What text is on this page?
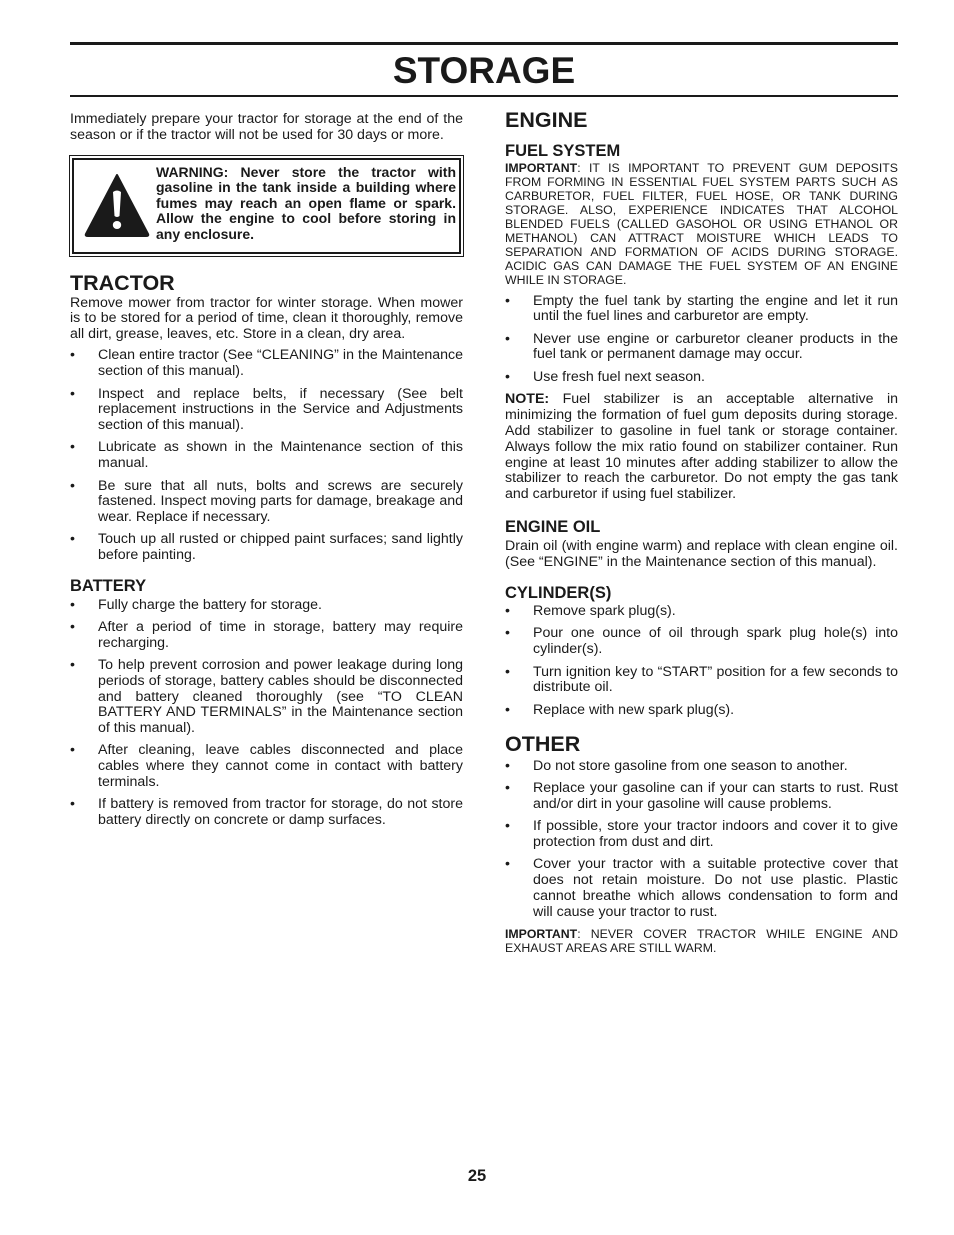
STORAGE

Immediately prepare your tractor for storage at the end of the season or if the tractor will not be used for 30 days or more.

WARNING: Never store the tractor with gasoline in the tank inside a building where fumes may reach an open flame or spark. Allow the engine to cool before storing in any enclosure.

TRACTOR

Remove mower from tractor for winter storage. When mower is to be stored for a period of time, clean it thoroughly, remove all dirt, grease, leaves, etc. Store in a clean, dry area.

• Clean entire tractor (See “CLEANING” in the Maintenance section of this manual).
• Inspect and replace belts, if necessary (See belt replacement instructions in the Service and Adjustments section of this manual).
• Lubricate as shown in the Maintenance section of this manual.
• Be sure that all nuts, bolts and screws are securely fastened. Inspect moving parts for damage, breakage and wear. Replace if necessary.
• Touch up all rusted or chipped paint surfaces; sand lightly before painting.
BATTERY
• Fully charge the battery for storage.
• After a period of time in storage, battery may require recharging.
• To help prevent corrosion and power leakage during long periods of storage, battery cables should be disconnected and battery cleaned thoroughly (see “TO CLEAN BATTERY AND TERMINALS” in the Maintenance section of this manual).
• After cleaning, leave cables disconnected and place cables where they cannot come in contact with battery terminals.
• If battery is removed from tractor for storage, do not store battery directly on concrete or damp surfaces.
ENGINE
FUEL SYSTEM

IMPORTANT: IT IS IMPORTANT TO PREVENT GUM DEPOSITS FROM FORMING IN ESSENTIAL FUEL SYSTEM PARTS SUCH AS CARBURETOR, FUEL FILTER, FUEL HOSE, OR TANK DURING STORAGE. ALSO, EXPERIENCE INDICATES THAT ALCOHOL BLENDED FUELS (CALLED GASOHOL OR USING ETHANOL OR METHANOL) CAN ATTRACT MOISTURE WHICH LEADS TO SEPARATION AND FORMATION OF ACIDS DURING STORAGE. ACIDIC GAS CAN DAMAGE THE FUEL SYSTEM OF AN ENGINE WHILE IN STORAGE.

• Empty the fuel tank by starting the engine and let it run until the fuel lines and carburetor are empty.
• Never use engine or carburetor cleaner products in the fuel tank or permanent damage may occur.
• Use fresh fuel next season.

NOTE: Fuel stabilizer is an acceptable alternative in minimizing the formation of fuel gum deposits during storage. Add stabilizer to gasoline in fuel tank or storage container. Always follow the mix ratio found on stabilizer container. Run engine at least 10 minutes after adding stabilizer to allow the stabilizer to reach the carburetor. Do not empty the gas tank and carburetor if using fuel stabilizer.

ENGINE OIL

Drain oil (with engine warm) and replace with clean engine oil. (See “ENGINE” in the Maintenance section of this manual).

CYLINDER(S)
• Remove spark plug(s).
• Pour one ounce of oil through spark plug hole(s) into cylinder(s).
• Turn ignition key to “START” position for a few seconds to distribute oil.
• Replace with new spark plug(s).
OTHER
• Do not store gasoline from one season to another.
• Replace your gasoline can if your can starts to rust. Rust and/or dirt in your gasoline will cause problems.
• If possible, store your tractor indoors and cover it to give protection from dust and dirt.
• Cover your tractor with a suitable protective cover that does not retain moisture. Do not use plastic. Plastic cannot breathe which allows condensation to form and will cause your tractor to rust.

IMPORTANT: NEVER COVER TRACTOR WHILE ENGINE AND EXHAUST AREAS ARE STILL WARM.

25
